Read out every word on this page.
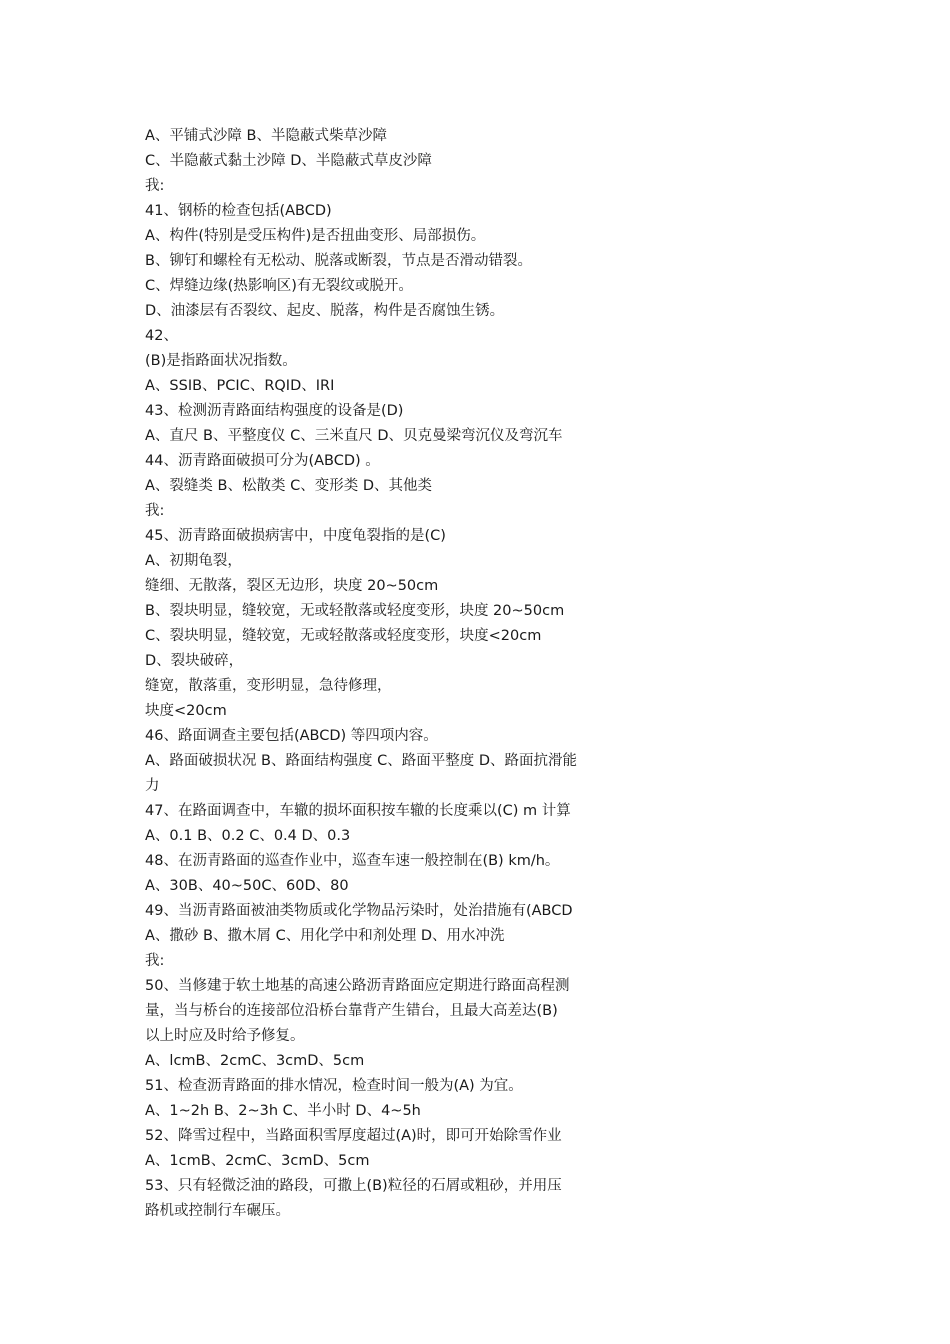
A、平铺式沙障 B、半隐蔽式柴草沙障
C、半隐蔽式黏土沙障 D、半隐蔽式草皮沙障
我:
41、钢桥的检查包括(ABCD)
A、构件(特别是受压构件)是否扭曲变形、局部损伤。
B、铆钉和螺栓有无松动、脱落或断裂，节点是否滑动错裂。
C、焊缝边缘(热影响区)有无裂纹或脱开。
D、油漆层有否裂纹、起皮、脱落，构件是否腐蚀生锈。
42、
(B)是指路面状况指数。
A、SSIB、PCIC、RQID、IRI
43、检测沥青路面结构强度的设备是(D)
A、直尺 B、平整度仪 C、三米直尺 D、贝克曼梁弯沉仪及弯沉车
44、沥青路面破损可分为(ABCD) 。
A、裂缝类 B、松散类 C、变形类 D、其他类
我:
45、沥青路面破损病害中，中度龟裂指的是(C)
A、初期龟裂，
缝细、无散落，裂区无边形，块度 20~50cm
B、裂块明显，缝较宽，无或轻散落或轻度变形，块度 20~50cm
C、裂块明显，缝较宽，无或轻散落或轻度变形，块度<20cm
D、裂块破碎，
缝宽，散落重，变形明显，急待修理，
块度<20cm
46、路面调查主要包括(ABCD) 等四项内容。
A、路面破损状况 B、路面结构强度 C、路面平整度 D、路面抗滑能
力
47、在路面调查中，车辙的损坏面积按车辙的长度乘以(C) m 计算
A、0.1 B、0.2 C、0.4 D、0.3
48、在沥青路面的巡查作业中，巡查车速一般控制在(B) km/h。
A、30B、40~50C、60D、80
49、当沥青路面被油类物质或化学物品污染时，处治措施有(ABCD
A、撒砂 B、撒木屑 C、用化学中和剂处理 D、用水冲洗
我:
50、当修建于软土地基的高速公路沥青路面应定期进行路面高程测
量，当与桥台的连接部位沿桥台靠背产生错台，且最大高差达(B)
以上时应及时给予修复。
A、lcmB、2cmC、3cmD、5cm
51、检查沥青路面的排水情况，检查时间一般为(A) 为宜。
A、1~2h B、2~3h C、半小时 D、4~5h
52、降雪过程中，当路面积雪厚度超过(A)时，即可开始除雪作业
A、1cmB、2cmC、3cmD、5cm
53、只有轻微泛油的路段，可撒上(B)粒径的石屑或粗砂，并用压
路机或控制行车碾压。
